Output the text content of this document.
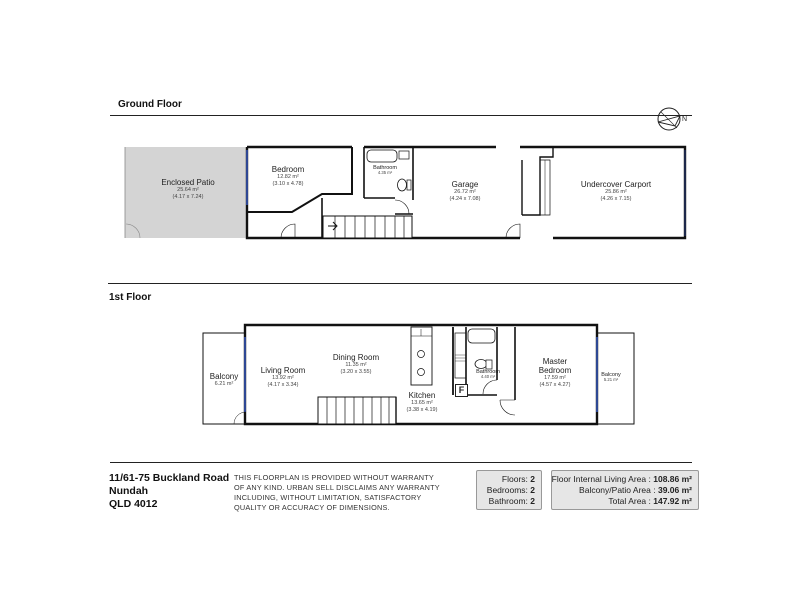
Ground Floor
1st Floor
N
Enclosed Patio
25.64 m²
(4.17 x 7.24)
Bedroom
12.82 m²
(3.10 x 4.78)
Bathroom
4.35 m²
Garage
26.72 m²
(4.24 x 7.08)
Undercover Carport
25.86 m²
(4.26 x 7.15)
Balcony
6.21 m²
Living Room
13.92 m²
(4.17 x 3.34)
Dining Room
11.35 m²
(3.20 x 3.55)
Kitchen
13.65 m²
(3.38 x 4.19)
Bathroom
4.40 m²
Master
Bedroom
17.59 m²
(4.57 x 4.27)
Balcony
5.21 m²
F
11/61-75 Buckland Road
Nundah
QLD 4012
THIS FLOORPLAN IS PROVIDED WITHOUT WARRANTY
OF ANY KIND. URBAN SELL DISCLAIMS ANY WARRANTY
INCLUDING, WITHOUT LIMITATION, SATISFACTORY
QUALITY OR ACCURACY OF DIMENSIONS.
Floors: 2
Bedrooms: 2
Bathroom: 2
Floor Internal Living Area : 108.86 m²
Balcony/Patio Area : 39.06 m²
Total Area : 147.92 m²
